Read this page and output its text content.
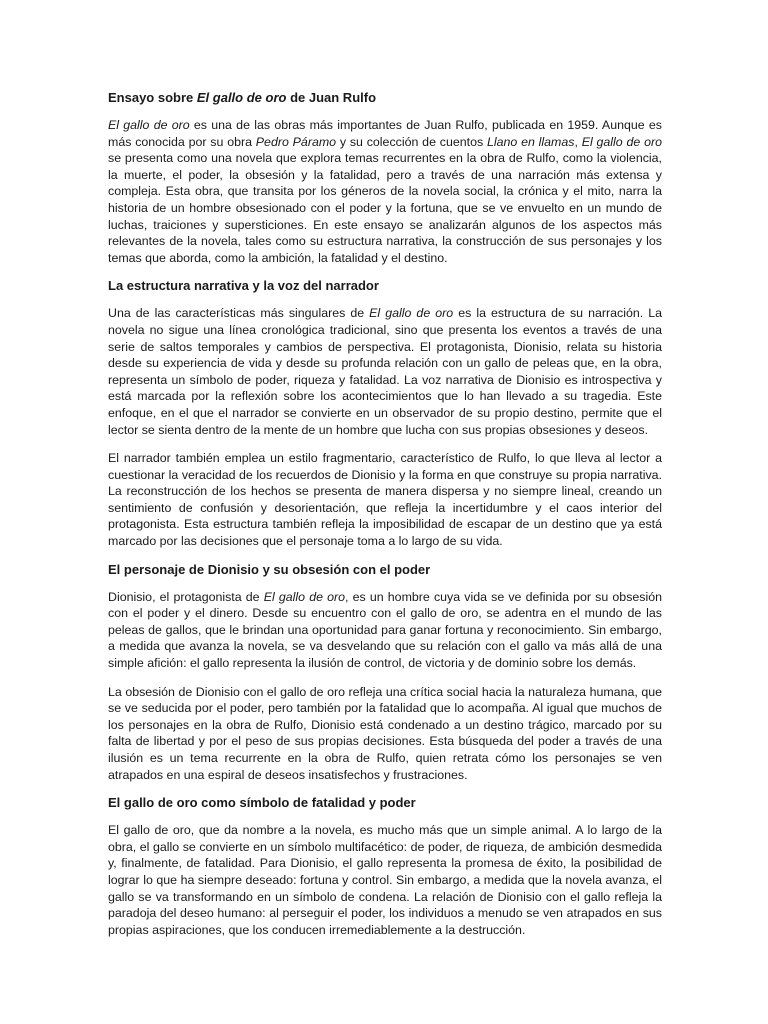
Ensayo sobre El gallo de oro de Juan Rulfo

El gallo de oro es una de las obras más importantes de Juan Rulfo, publicada en 1959. Aunque es más conocida por su obra Pedro Páramo y su colección de cuentos Llano en llamas, El gallo de oro se presenta como una novela que explora temas recurrentes en la obra de Rulfo, como la violencia, la muerte, el poder, la obsesión y la fatalidad, pero a través de una narración más extensa y compleja. Esta obra, que transita por los géneros de la novela social, la crónica y el mito, narra la historia de un hombre obsesionado con el poder y la fortuna, que se ve envuelto en un mundo de luchas, traiciones y supersticiones. En este ensayo se analizarán algunos de los aspectos más relevantes de la novela, tales como su estructura narrativa, la construcción de sus personajes y los temas que aborda, como la ambición, la fatalidad y el destino.

La estructura narrativa y la voz del narrador

Una de las características más singulares de El gallo de oro es la estructura de su narración. La novela no sigue una línea cronológica tradicional, sino que presenta los eventos a través de una serie de saltos temporales y cambios de perspectiva. El protagonista, Dionisio, relata su historia desde su experiencia de vida y desde su profunda relación con un gallo de peleas que, en la obra, representa un símbolo de poder, riqueza y fatalidad. La voz narrativa de Dionisio es introspectiva y está marcada por la reflexión sobre los acontecimientos que lo han llevado a su tragedia. Este enfoque, en el que el narrador se convierte en un observador de su propio destino, permite que el lector se sienta dentro de la mente de un hombre que lucha con sus propias obsesiones y deseos.

El narrador también emplea un estilo fragmentario, característico de Rulfo, lo que lleva al lector a cuestionar la veracidad de los recuerdos de Dionisio y la forma en que construye su propia narrativa. La reconstrucción de los hechos se presenta de manera dispersa y no siempre lineal, creando un sentimiento de confusión y desorientación, que refleja la incertidumbre y el caos interior del protagonista. Esta estructura también refleja la imposibilidad de escapar de un destino que ya está marcado por las decisiones que el personaje toma a lo largo de su vida.

El personaje de Dionisio y su obsesión con el poder

Dionisio, el protagonista de El gallo de oro, es un hombre cuya vida se ve definida por su obsesión con el poder y el dinero. Desde su encuentro con el gallo de oro, se adentra en el mundo de las peleas de gallos, que le brindan una oportunidad para ganar fortuna y reconocimiento. Sin embargo, a medida que avanza la novela, se va desvelando que su relación con el gallo va más allá de una simple afición: el gallo representa la ilusión de control, de victoria y de dominio sobre los demás.

La obsesión de Dionisio con el gallo de oro refleja una crítica social hacia la naturaleza humana, que se ve seducida por el poder, pero también por la fatalidad que lo acompaña. Al igual que muchos de los personajes en la obra de Rulfo, Dionisio está condenado a un destino trágico, marcado por su falta de libertad y por el peso de sus propias decisiones. Esta búsqueda del poder a través de una ilusión es un tema recurrente en la obra de Rulfo, quien retrata cómo los personajes se ven atrapados en una espiral de deseos insatisfechos y frustraciones.

El gallo de oro como símbolo de fatalidad y poder

El gallo de oro, que da nombre a la novela, es mucho más que un simple animal. A lo largo de la obra, el gallo se convierte en un símbolo multifacético: de poder, de riqueza, de ambición desmedida y, finalmente, de fatalidad. Para Dionisio, el gallo representa la promesa de éxito, la posibilidad de lograr lo que ha siempre deseado: fortuna y control. Sin embargo, a medida que la novela avanza, el gallo se va transformando en un símbolo de condena. La relación de Dionisio con el gallo refleja la paradoja del deseo humano: al perseguir el poder, los individuos a menudo se ven atrapados en sus propias aspiraciones, que los conducen irremediablemente a la destrucción.
